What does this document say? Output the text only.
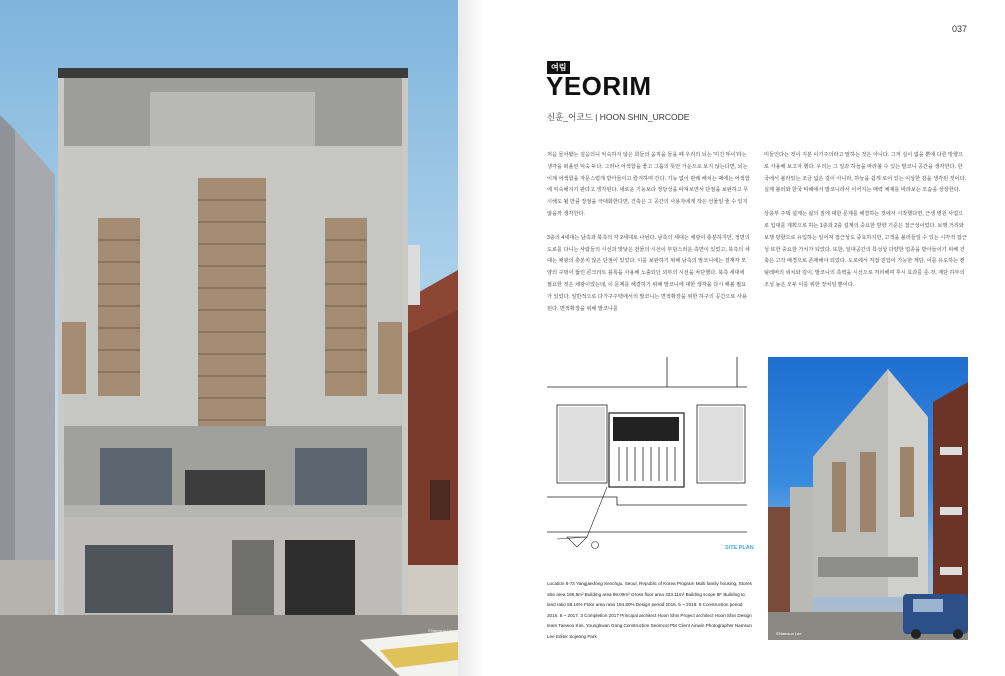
©Namsun Lee
037
여림
YEORIM
신훈_어코드 | HOON SHIN_URCODE

처음 들어봤는 걸음더니 익숙하지 않은 희들의 움직을 들을 때 우리의 뇌는 '미긴 뚜이'라는 생각을 떠올린 익숙 두다. 그러나 어색함을 좋고 그룹의 뜻안 가운으로 보지 않는다면, 뇌는 이제 어색함을 자문스럽게 받아들이고 즐겨하며 간다. 기능 없이 관례 해치는 때에는 어색함에 익숙해지기 판다고 생각된다. 새로운 기능보다 정당성을 따져보면서 단점을 보완하고 무 시해도 될 만큼 장점을 극대화한다면, 건축은 그 공간의 사용자에게 작은 선물일 줄 수 있지 않을까 생각한다.

3층의 4세대는 남측과 북측의 각 2세대로 나뉜다. 남측의 세대는 채광이 충분하지만, 정면의 도로를 다니는 사람들의 시선과 맞닿은 전물의 시선이 부담스러운 측면이 있었고, 북측의 세대는 채광의 충분치 않은 단점이 있었다. 이를 보완하기 위해 남측의 발코니에는 결재각 모양의 구멍이 뚫린 콘크리트 블록을 사용해 노출되던 외부의 시선을 차단했다. 북측 세대에 필요한 것은 채광이었는데, 이 문제를 해결하기 위해 발코니에 대한 생각을 다시 해볼 필요가 있었다. 일반적으로 다가구주택에서의 발코니는 면적확장을 위한 하구의 공간으로 사용된다. 면적확장을 위해 발코니를

미들인다는 것이 지분 이기주의라고 말하는 것은 아니다. 그저 실이 없을 뿐에 다른 방향으로 사용해 보고자 했다. 우리는 그 일과 하늘을 바라볼 수 있는 발코니 공간을 생각한다. 한국에서 볼라있는 조금 넓은 길이 아니라, 하늘을 쉽게 로어 있는 이상한 감을 생각된 것이다. 실제 불러와 한국 비해에서 발코니라서 이어지는 매력 체제를 바라보는 모습을 상상한다.

상층부 주택 설계는 삶의 질에 대한 문제를 해결하는 것에서 시작했다면, 근생 병원 사업으로 입대를 계획으로 하는 1층과 2층 설계의 중요한 방향 기준은 접근성이었다. 보행 거리와 보행 방향으로 유입하는 일어져 접근성도 중요하지만, 고객을 불러들일 수 있는 시각적 접근성 또한 중요한 가치가 되었다. 또한, 일대공간의 특성상 다양한 업종을 받아들이기 위해 건축은 고작 배경으로 존재해야 되었다. 도로에서 직접 진입이 가능한 계단, 이를 유도하는 캔틸레버의 위치와 깊이, 발코니의 측벽을 시선으로 처리해며 후시 효과를 준 것, 계단 하부의 조성 높은 모두 이를 위한 장치일 뿐이다.

SITE PLAN
©Namsun Lee
Location 8-73 Yangjaedong Seochgu, Seoul, Republic of Korea Program Multi family housing, Stores Site area 165.9m² Building area 98.09m² Gross floor area 323.11m² Building scope 5F Building to land ratio 59.16% Floor area ratio 194.80% Design period 2016. 5 ~ 2016. 8 Construction period 2016. 8 ~ 2017. 3 Completion 2017 Principal architect Hoon Shin Project architect Hoon Shin Design team Taewoo Kim, Younghwan Gong Construction Seomcot PM Client Ainwin Photographer Namsun Lee Editor Sojeong Park
